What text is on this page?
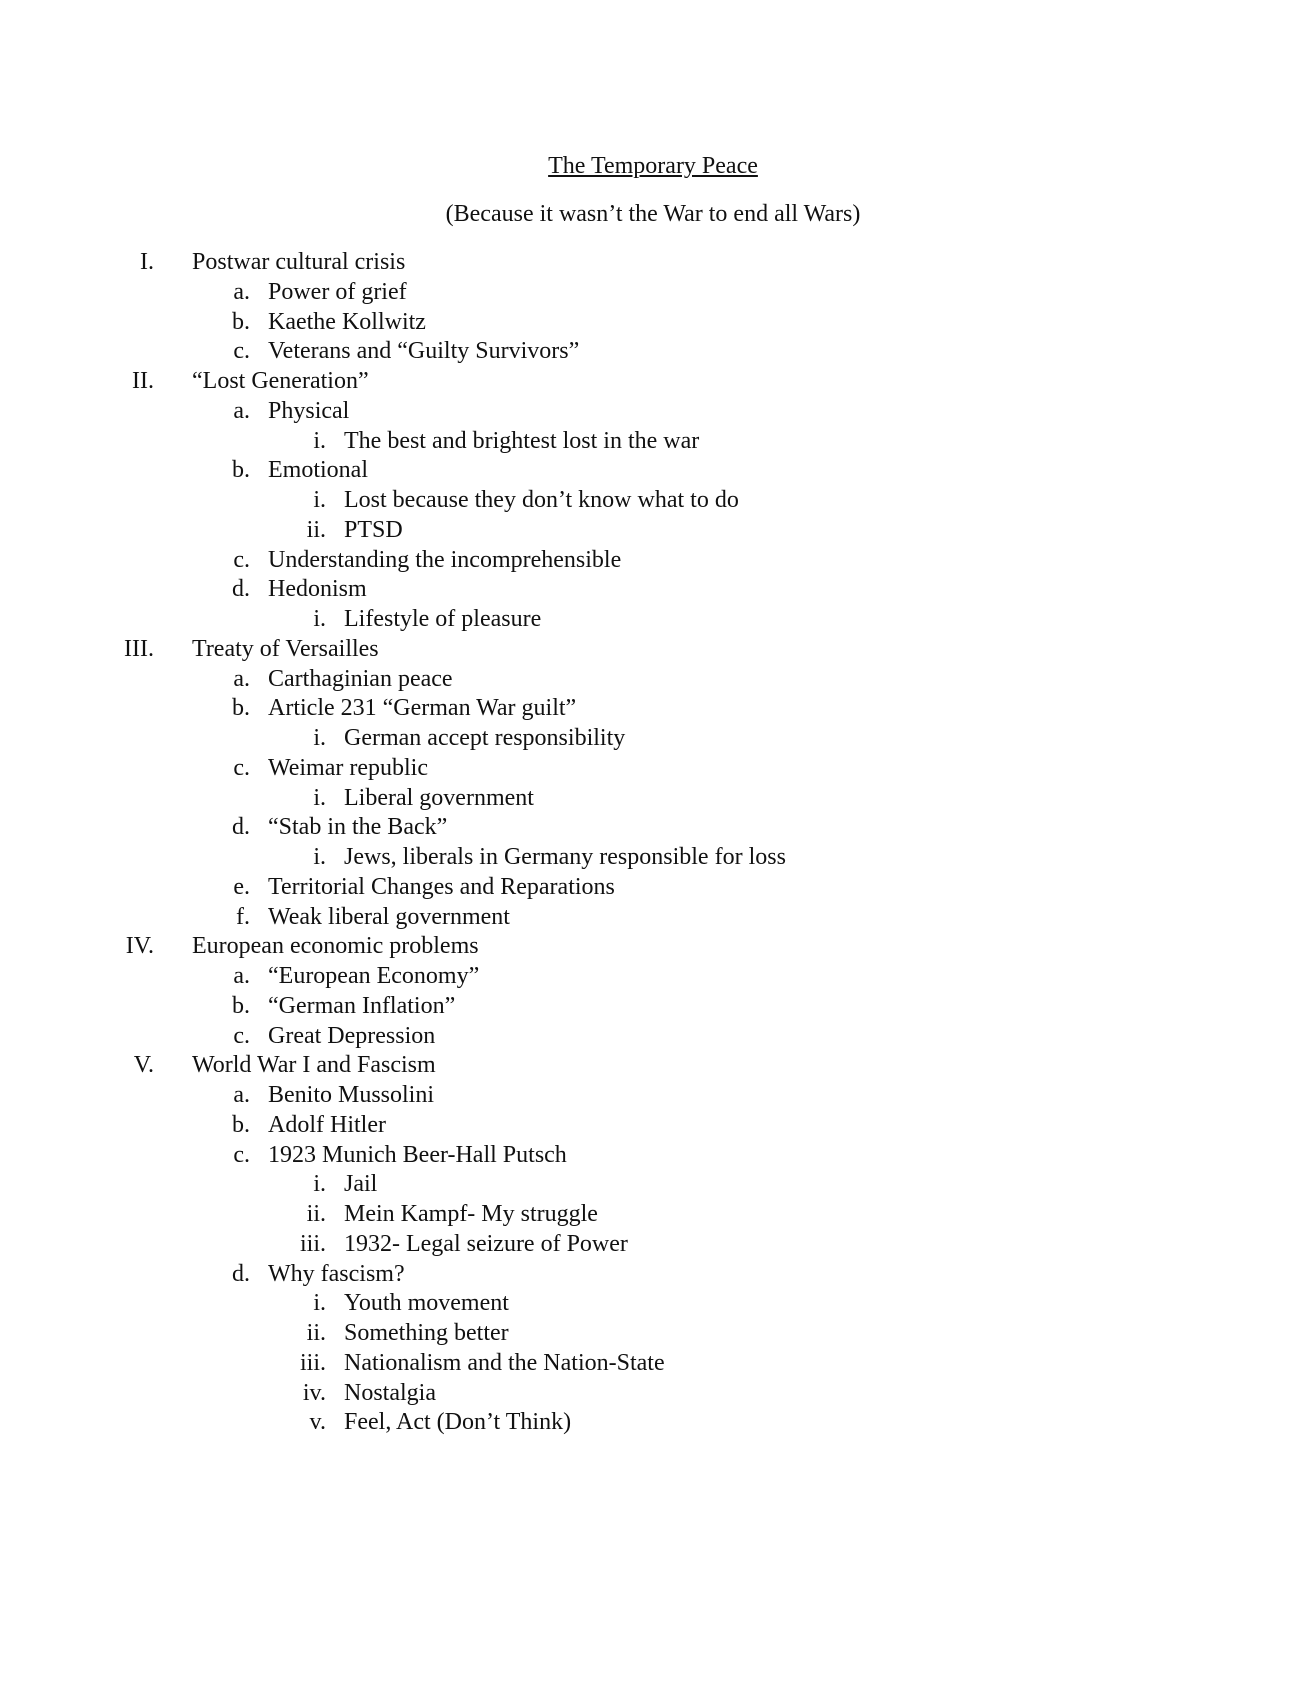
The Temporary Peace
(Because it wasn’t the War to end all Wars)
I. Postwar cultural crisis
a. Power of grief
b. Kaethe Kollwitz
c. Veterans and “Guilty Survivors”
II. “Lost Generation”
a. Physical
i. The best and brightest lost in the war
b. Emotional
i. Lost because they don’t know what to do
ii. PTSD
c. Understanding the incomprehensible
d. Hedonism
i. Lifestyle of pleasure
III. Treaty of Versailles
a. Carthaginian peace
b. Article 231 “German War guilt”
i. German accept responsibility
c. Weimar republic
i. Liberal government
d. “Stab in the Back”
i. Jews, liberals in Germany responsible for loss
e. Territorial Changes and Reparations
f. Weak liberal government
IV. European economic problems
a. “European Economy”
b. “German Inflation”
c. Great Depression
V. World War I and Fascism
a. Benito Mussolini
b. Adolf Hitler
c. 1923 Munich Beer-Hall Putsch
i. Jail
ii. Mein Kampf- My struggle
iii. 1932- Legal seizure of Power
d. Why fascism?
i. Youth movement
ii. Something better
iii. Nationalism and the Nation-State
iv. Nostalgia
v. Feel, Act (Don’t Think)
